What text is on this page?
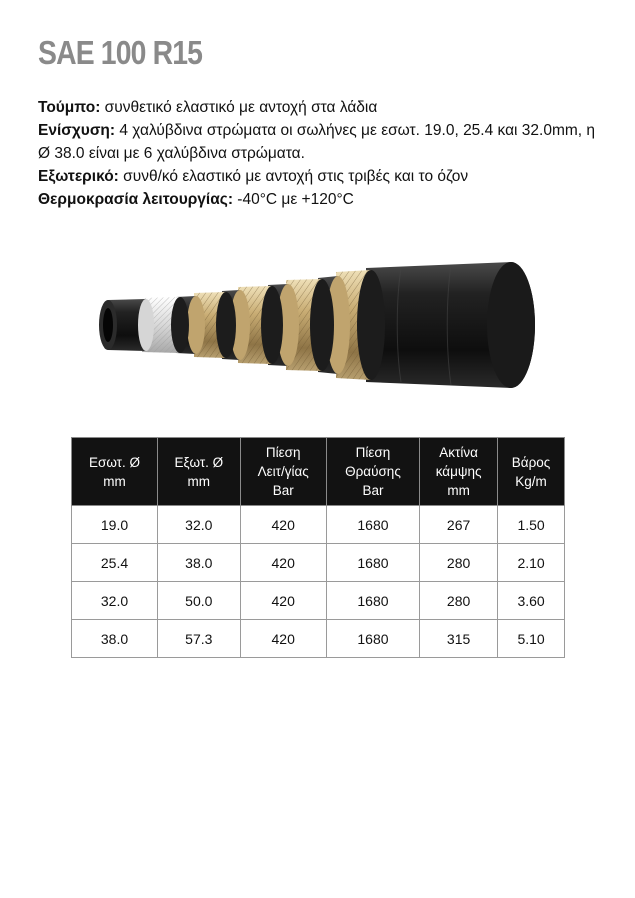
SAE 100 R15

Τούμπο: συνθετικό ελαστικό με αντοχή στα λάδια

Ενίσχυση: 4 χαλύβδινα στρώματα οι σωλήνες με εσωτ. 19.0, 25.4 και 32.0mm, η Ø 38.0 είναι με 6 χαλύβδινα στρώματα.

Εξωτερικό: συνθ/κό ελαστικό με αντοχή στις τριβές και το όζον

Θερμοκρασία λειτουργίας: -40°C με +120°C

Εσωτ. Ø
mm	Εξωτ. Ø
mm	Πίεση
Λειτ/γίας
Bar	Πίεση
Θραύσης
Bar	Ακτίνα
κάμψης
mm	Βάρος
Kg/m
19.0	32.0	420	1680	267	1.50
25.4	38.0	420	1680	280	2.10
32.0	50.0	420	1680	280	3.60
38.0	57.3	420	1680	315	5.10
